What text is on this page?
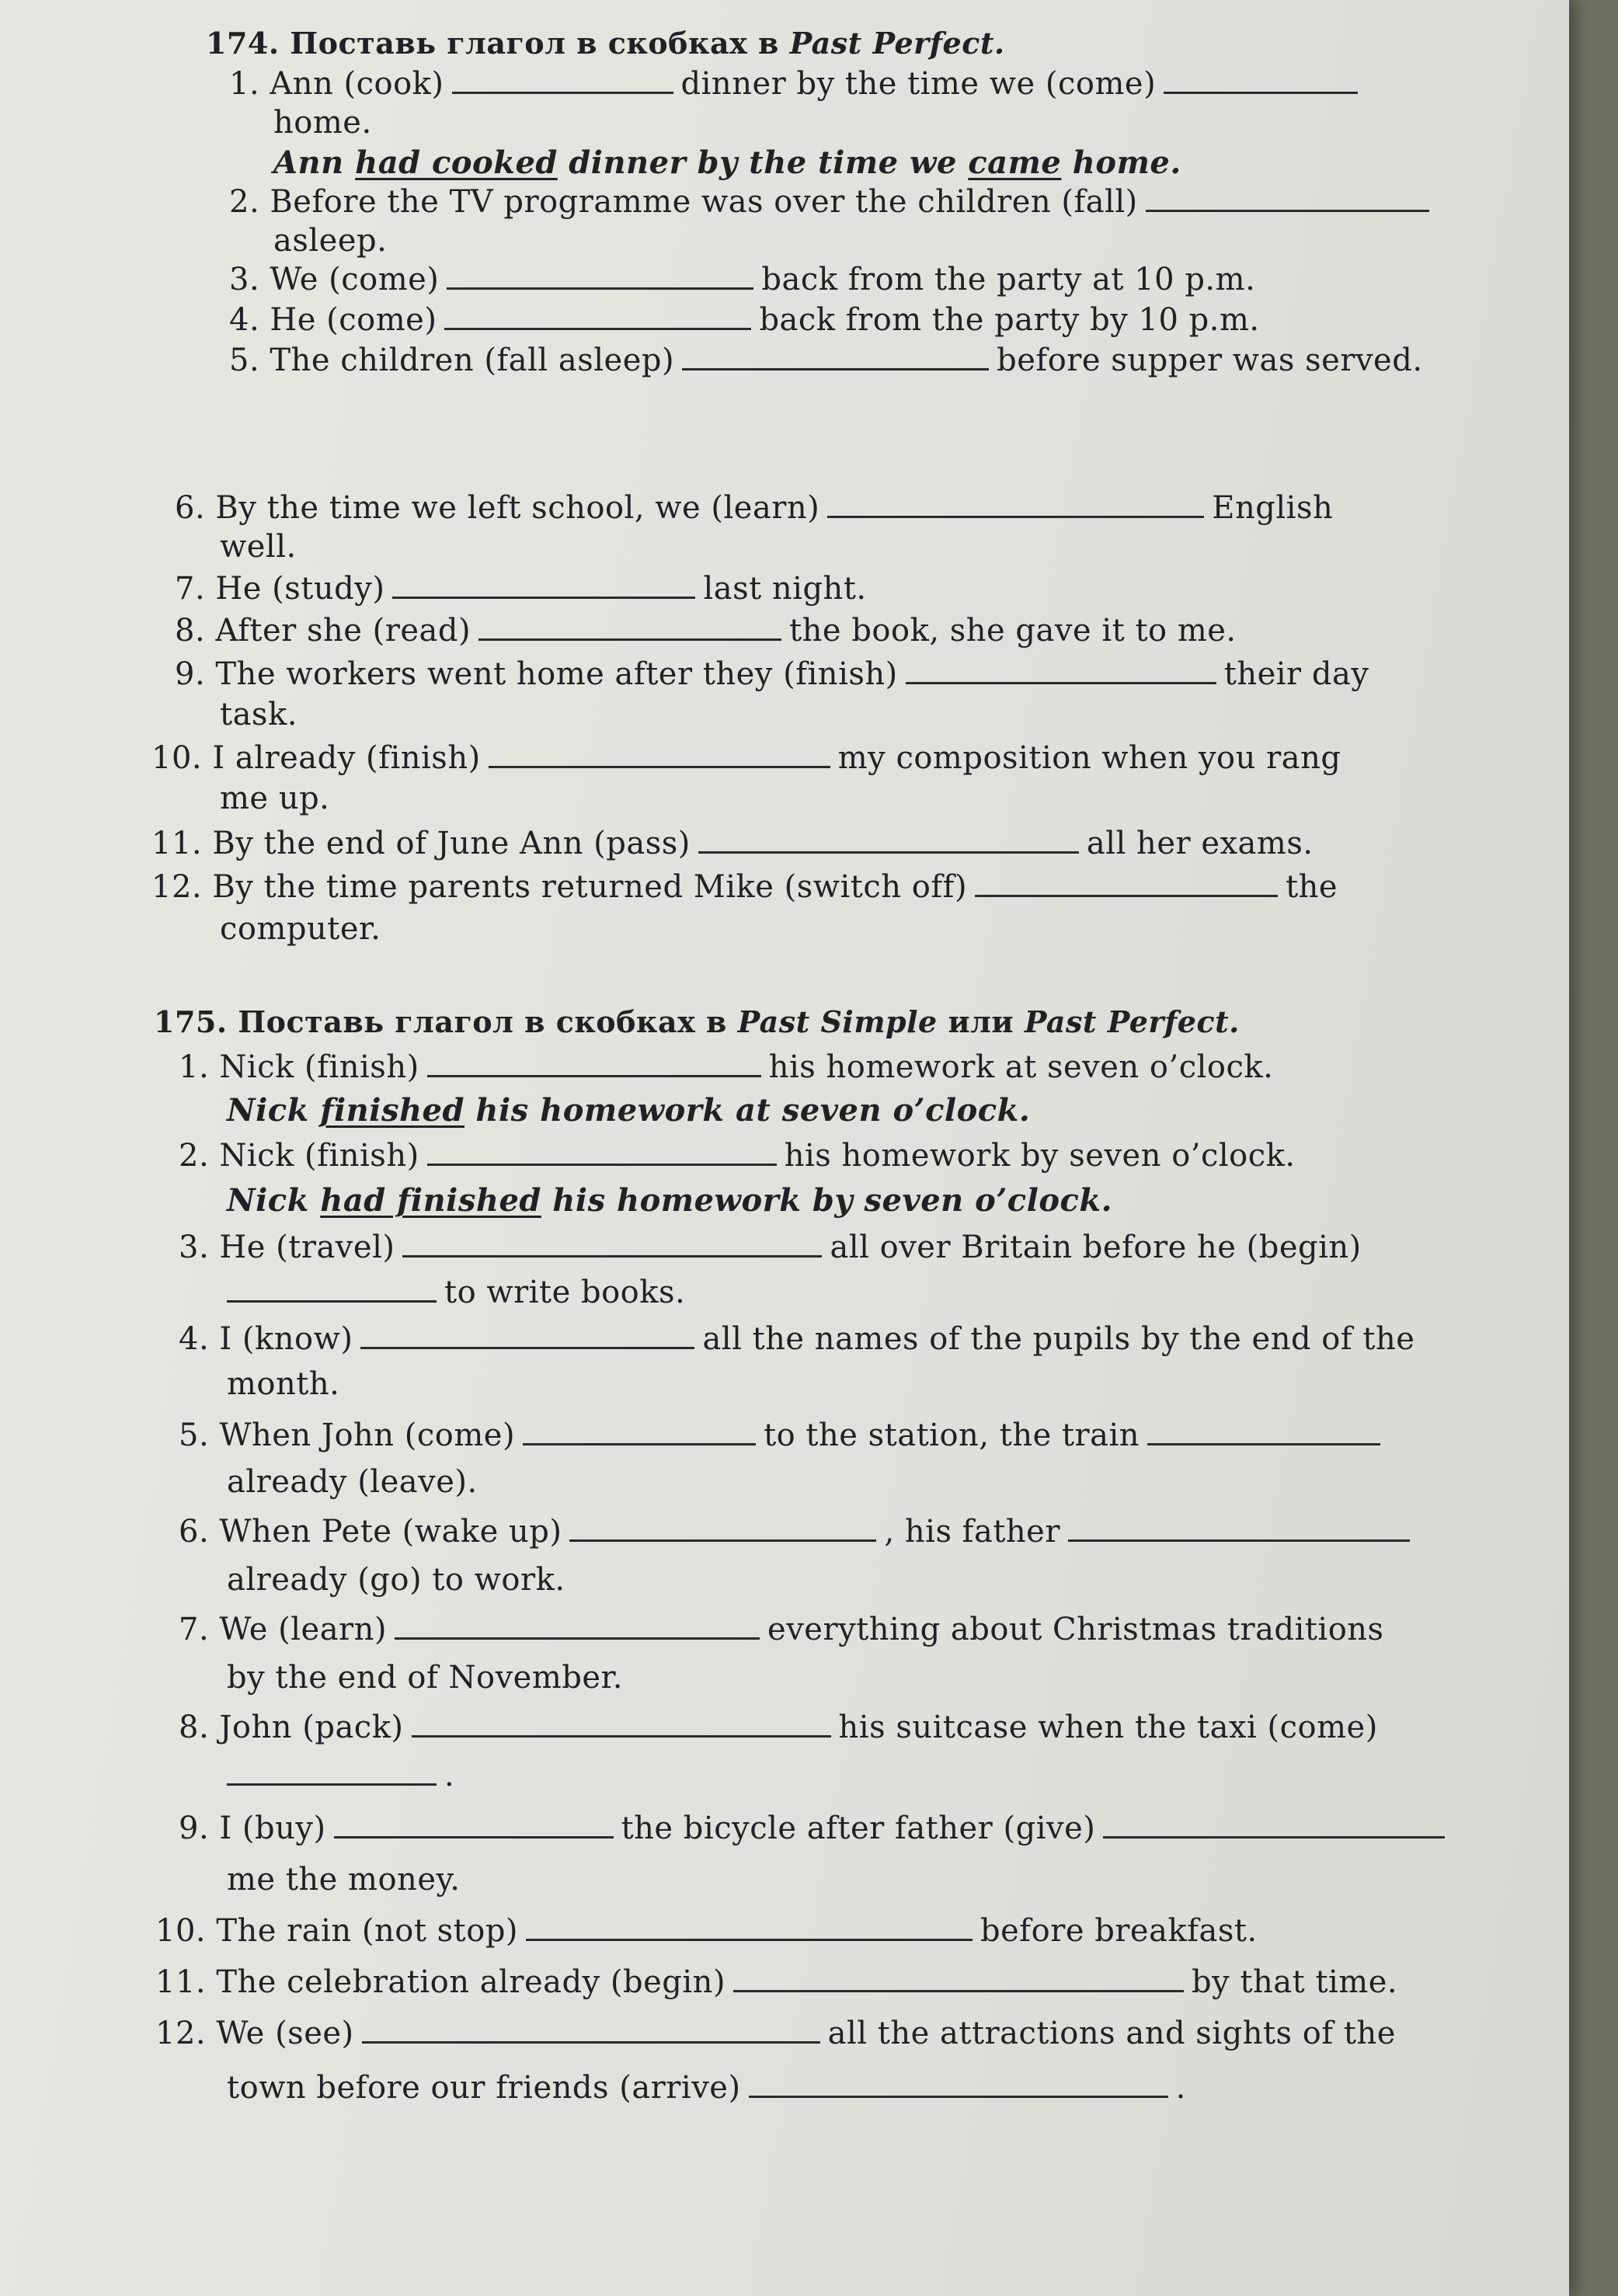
174. Поставь глагол в скобках в Past Perfect.
1. Ann (cook)	dinner by the time we (come)
home.
Ann had cooked dinner by the time we came home.
2. Before the TV programme was over the children (fall)
asleep.
3. We (come)	back from the party at 10 p.m.
4. He (come)	back from the party by 10 p.m.
5. The children (fall asleep)	before supper was served.
6. By the time we left school, we (learn)	English
well.
7. He (study)	last night.
8. After she (read)	the book, she gave it to me.
9. The workers went home after they (finish)	their day
task.
10. I already (finish)	my composition when you rang
me up.
11. By the end of June Ann (pass)	all her exams.
12. By the time parents returned Mike (switch off)	the
computer.
175. Поставь глагол в скобках в Past Simple или Past Perfect.
1. Nick (finish)	his homework at seven o’clock.
Nick finished his homework at seven o’clock.
2. Nick (finish)	his homework by seven o’clock.
Nick had finished his homework by seven o’clock.
3. He (travel)	all over Britain before he (begin)
to write books.
4. I (know)	all the names of the pupils by the end of the
month.
5. When John (come)	to the station, the train
already (leave).
6. When Pete (wake up)	, his father
already (go) to work.
7. We (learn)	everything about Christmas traditions
by the end of November.
8. John (pack)	his suitcase when the taxi (come)
.
9. I (buy)	the bicycle after father (give)
me the money.
10. The rain (not stop)	before breakfast.
11. The celebration already (begin)	by that time.
12. We (see)	all the attractions and sights of the
town before our friends (arrive)	.
